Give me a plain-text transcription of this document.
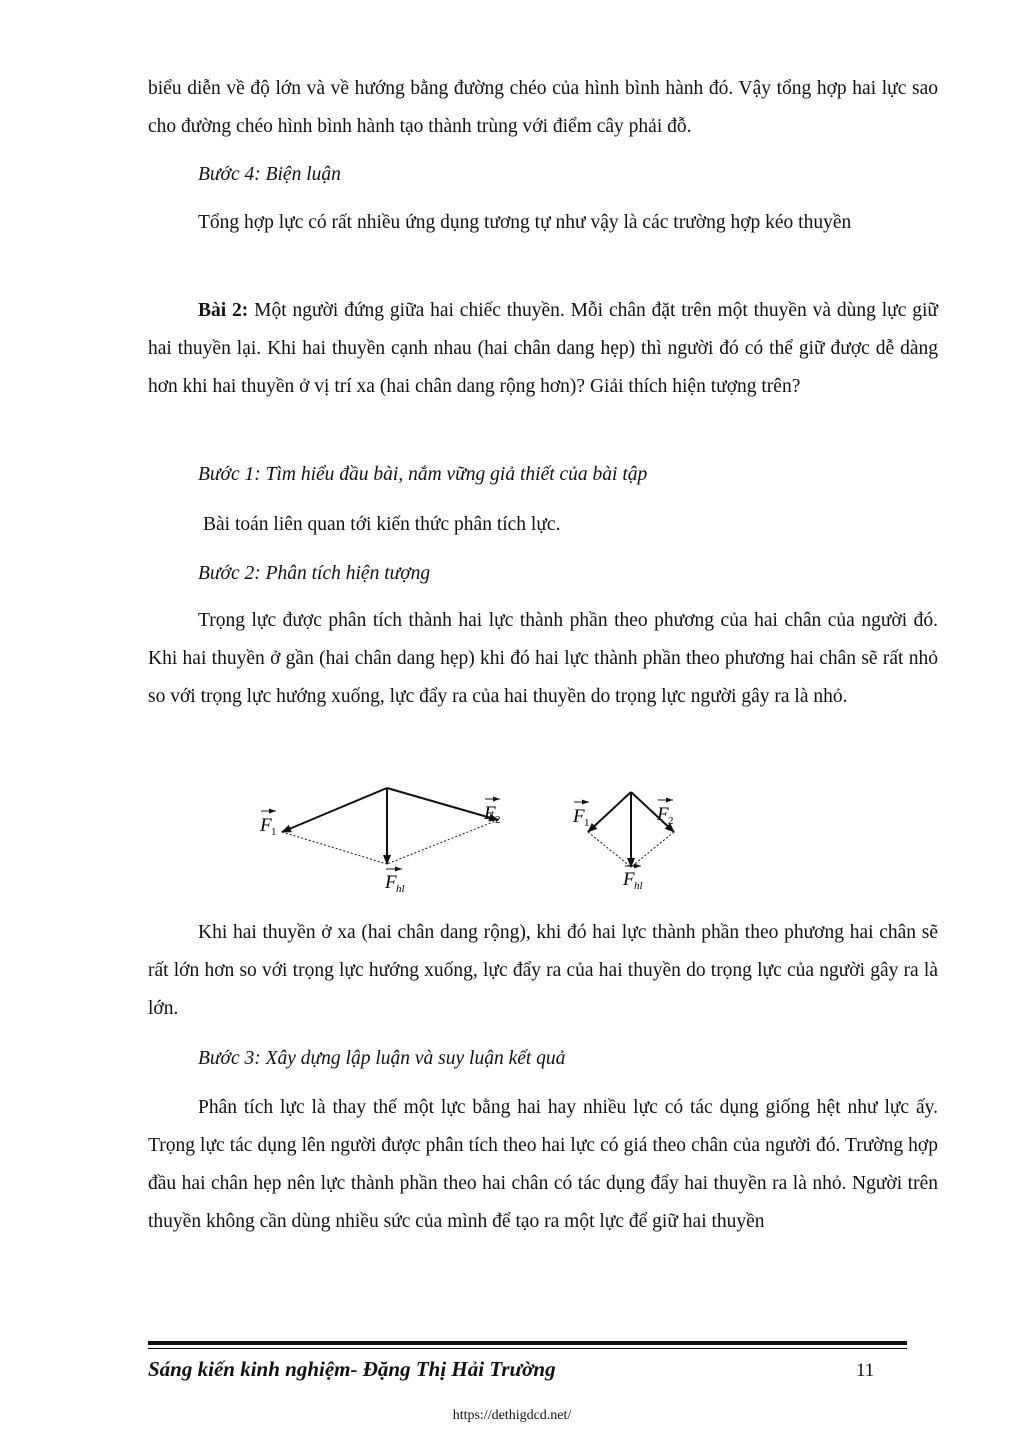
biểu diễn về độ lớn và về hướng bằng đường chéo của hình bình hành đó. Vậy tổng hợp hai lực sao cho đường chéo hình bình hành tạo thành trùng với điểm cây phải đỗ.

Bước 4: Biện luận

Tổng hợp lực có rất nhiều ứng dụng tương tự như vậy là các trường hợp kéo thuyền

Bài 2: Một người đứng giữa hai chiếc thuyền. Mỗi chân đặt trên một thuyền và dùng lực giữ hai thuyền lại. Khi hai thuyền cạnh nhau (hai chân dang hẹp) thì người đó có thể giữ được dễ dàng hơn khi hai thuyền ở vị trí xa (hai chân dang rộng hơn)? Giải thích hiện tượng trên?

Bước 1: Tìm hiểu đầu bài, nắm vững giả thiết của bài tập

Bài toán liên quan tới kiến thức phân tích lực.

Bước 2: Phân tích hiện tượng

Trọng lực được phân tích thành hai lực thành phần theo phương của hai chân của người đó. Khi hai thuyền ở gần (hai chân dang hẹp) khi đó hai lực thành phần theo phương hai chân sẽ rất nhỏ so với trọng lực hướng xuống, lực đẩy ra của hai thuyền do trọng lực người gây ra là nhỏ.

F 1
F 2
F hl
F 1	F 2
F hl

Khi hai thuyền ở xa (hai chân dang rộng), khi đó hai lực thành phần theo phương hai chân sẽ rất lớn hơn so với trọng lực hướng xuống, lực đẩy ra của hai thuyền do trọng lực của người gây ra là lớn.

Bước 3: Xây dựng lập luận và suy luận kết quả

Phân tích lực là thay thế một lực bằng hai hay nhiều lực có tác dụng giống hệt như lực ấy. Trọng lực tác dụng lên người được phân tích theo hai lực có giá theo chân của người đó. Trường hợp đầu hai chân hẹp nên lực thành phần theo hai chân có tác dụng đẩy hai thuyền ra là nhỏ. Người trên thuyền không cần dùng nhiều sức của mình để tạo ra một lực để giữ hai thuyền

Sáng kiến kinh nghiệm- Đặng Thị Hải Trường	11
https://dethigdcd.net/
